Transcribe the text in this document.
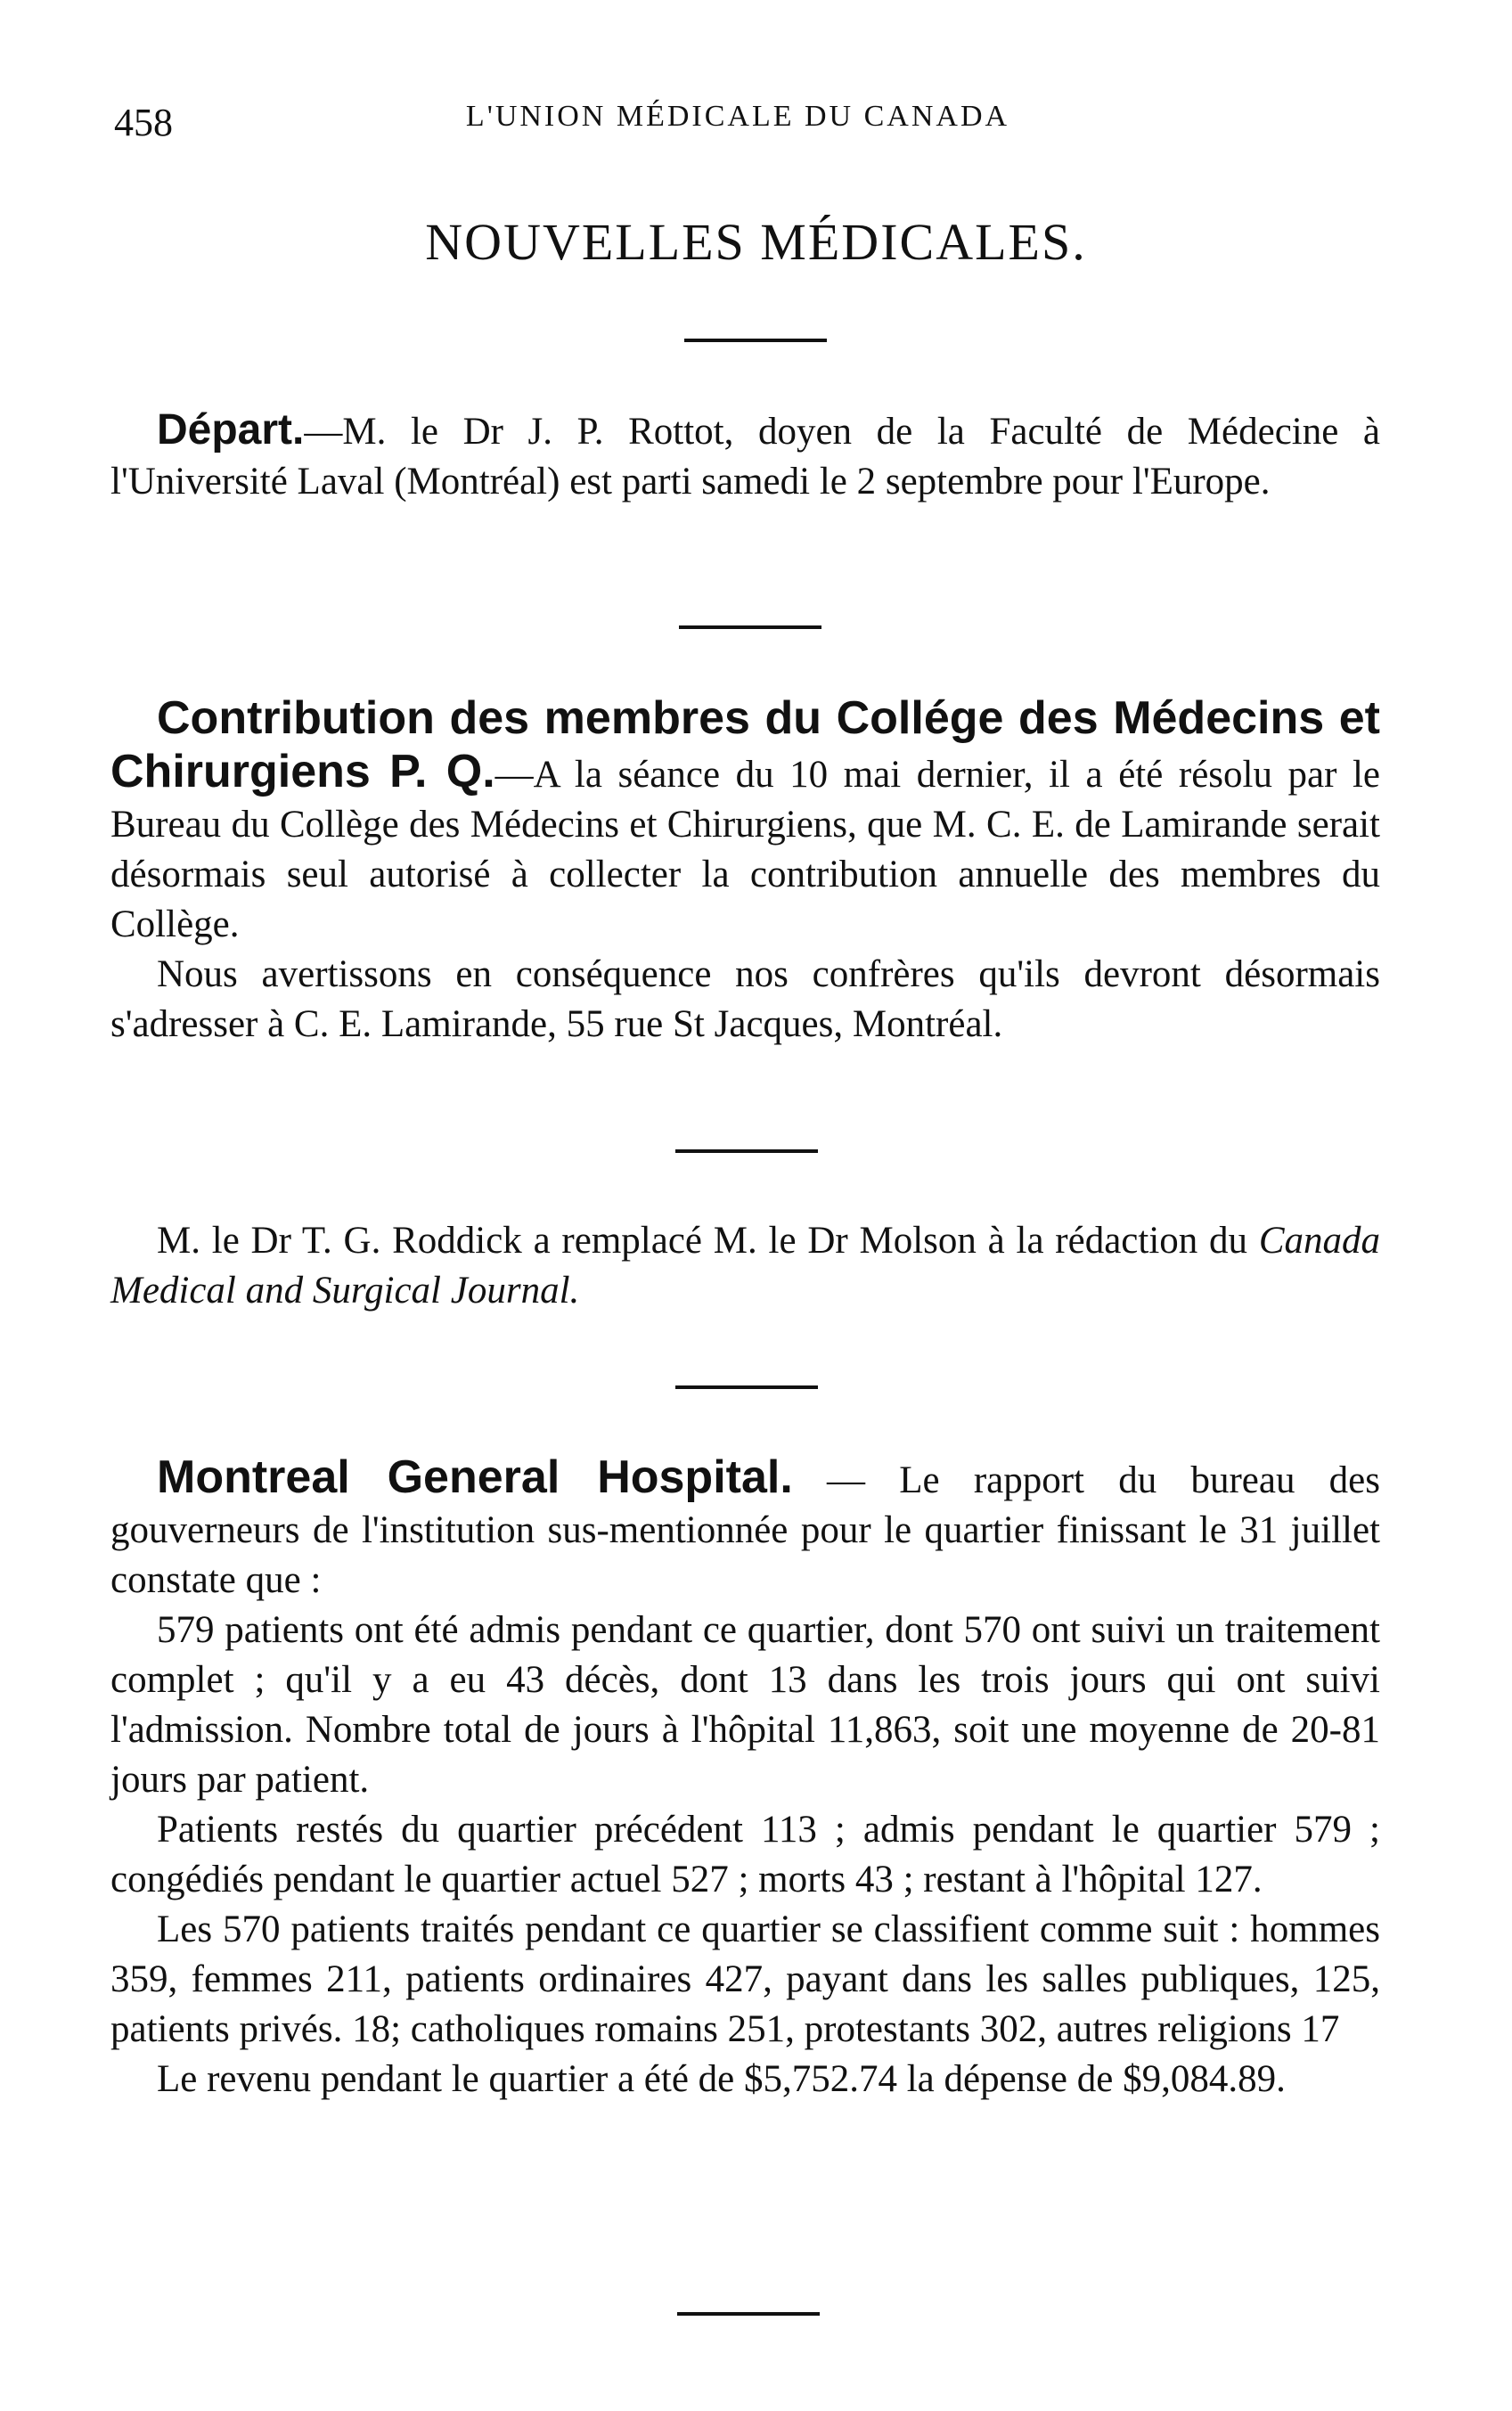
458	L'UNION MÉDICALE DU CANADA
NOUVELLES MÉDICALES.

Départ.—M. le Dr J. P. Rottot, doyen de la Faculté de Médecine à l'Université Laval (Montréal) est parti samedi le 2 septembre pour l'Europe.

Contribution des membres du Collége des Médecins et Chirurgiens P. Q.—A la séance du 10 mai dernier, il a été résolu par le Bureau du Collège des Médecins et Chirurgiens, que M. C. E. de Lamirande serait désormais seul autorisé à collecter la contribution annuelle des membres du Collège.

Nous avertissons en conséquence nos confrères qu'ils devront désormais s'adresser à C. E. Lamirande, 55 rue St Jacques, Montréal.

M. le Dr T. G. Roddick a remplacé M. le Dr Molson à la rédaction du Canada Medical and Surgical Journal.

Montreal General Hospital. — Le rapport du bureau des gouverneurs de l'institution sus-mentionnée pour le quartier finissant le 31 juillet constate que :

579 patients ont été admis pendant ce quartier, dont 570 ont suivi un traitement complet ; qu'il y a eu 43 décès, dont 13 dans les trois jours qui ont suivi l'admission. Nombre total de jours à l'hôpital 11,863, soit une moyenne de 20-81 jours par patient.

Patients restés du quartier précédent 113 ; admis pendant le quartier 579 ; congédiés pendant le quartier actuel 527 ; morts 43 ; restant à l'hôpital 127.

Les 570 patients traités pendant ce quartier se classifient comme suit : hommes 359, femmes 211, patients ordinaires 427, payant dans les salles publiques, 125, patients privés. 18; catholiques romains 251, protestants 302, autres religions 17

Le revenu pendant le quartier a été de $5,752.74 la dépense de $9,084.89.
